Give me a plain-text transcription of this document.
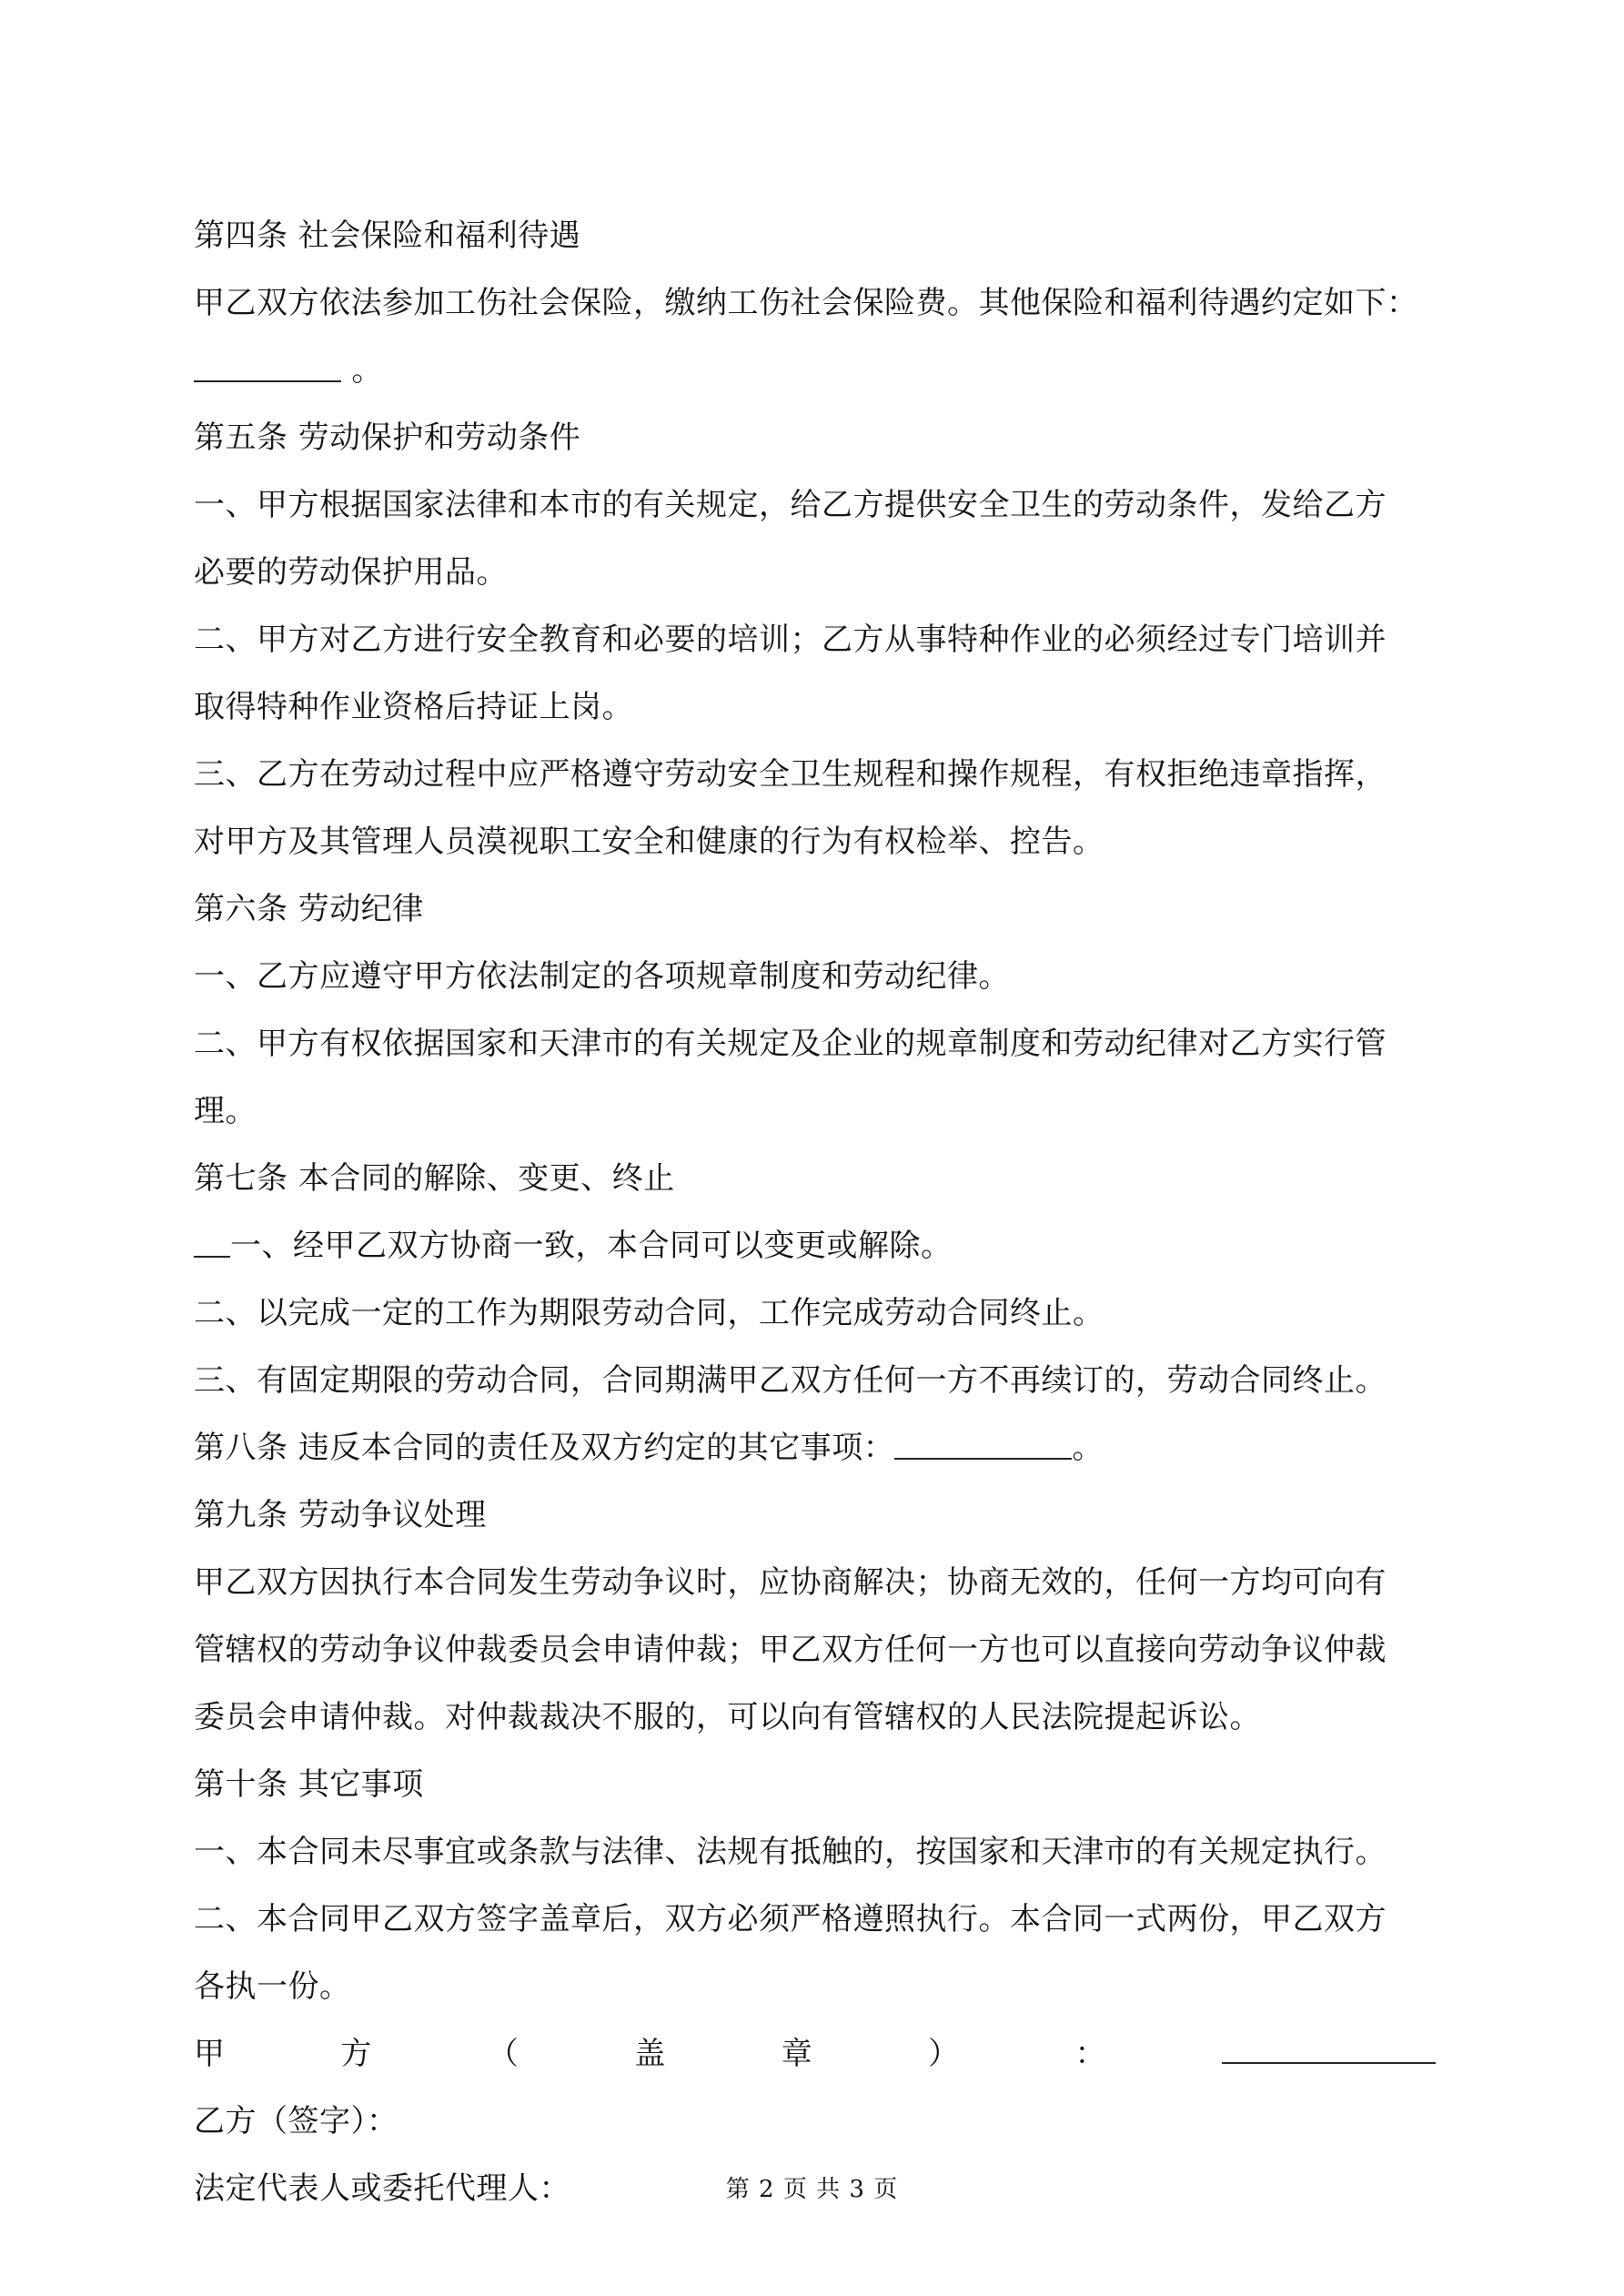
第四条 社会保险和福利待遇
甲乙双方依法参加工伤社会保险，缴纳工伤社会保险费。其他保险和福利待遇约定如下：
。
第五条 劳动保护和劳动条件
一、甲方根据国家法律和本市的有关规定，给乙方提供安全卫生的劳动条件，发给乙方
必要的劳动保护用品。
二、甲方对乙方进行安全教育和必要的培训；乙方从事特种作业的必须经过专门培训并
取得特种作业资格后持证上岗。
三、乙方在劳动过程中应严格遵守劳动安全卫生规程和操作规程，有权拒绝违章指挥，
对甲方及其管理人员漠视职工安全和健康的行为有权检举、控告。
第六条 劳动纪律
一、乙方应遵守甲方依法制定的各项规章制度和劳动纪律。
二、甲方有权依据国家和天津市的有关规定及企业的规章制度和劳动纪律对乙方实行管
理。
第七条 本合同的解除、变更、终止
一、经甲乙双方协商一致，本合同可以变更或解除。
二、以完成一定的工作为期限劳动合同，工作完成劳动合同终止。
三、有固定期限的劳动合同，合同期满甲乙双方任何一方不再续订的，劳动合同终止。
第八条 违反本合同的责任及双方约定的其它事项：	。
第九条 劳动争议处理
甲乙双方因执行本合同发生劳动争议时，应协商解决；协商无效的，任何一方均可向有
管辖权的劳动争议仲裁委员会申请仲裁；甲乙双方任何一方也可以直接向劳动争议仲裁
委员会申请仲裁。对仲裁裁决不服的，可以向有管辖权的人民法院提起诉讼。
第十条 其它事项
一、本合同未尽事宜或条款与法律、法规有抵触的，按国家和天津市的有关规定执行。
二、本合同甲乙双方签字盖章后，双方必须严格遵照执行。本合同一式两份，甲乙双方
各执一份。
甲	方	（	盖	章	）	：
乙方（签字）：
法定代表人或委托代理人：	第 2 页 共 3 页
